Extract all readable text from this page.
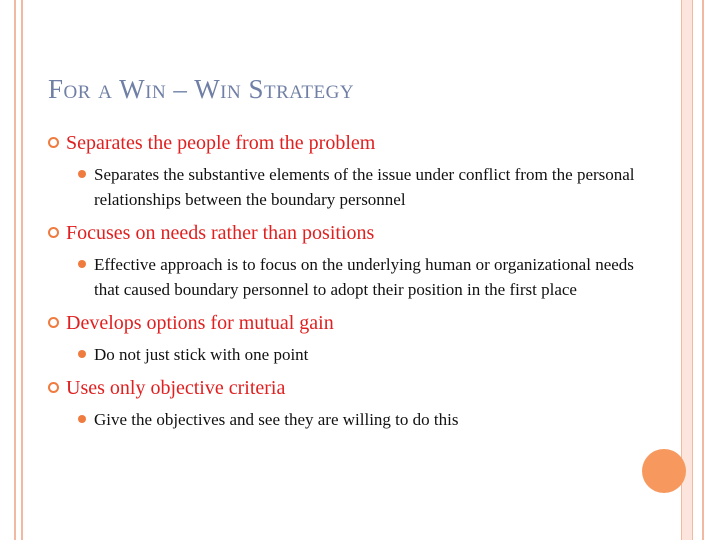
For a Win – Win Strategy
Separates the people from the problem
Separates the substantive elements of the issue under conflict from the personal relationships between the boundary personnel
Focuses on needs rather than positions
Effective approach is to focus on the underlying human or organizational needs that caused boundary personnel to adopt their position in the first place
Develops options for mutual gain
Do not just stick with one point
Uses only objective criteria
Give the objectives and see they are willing to do this
